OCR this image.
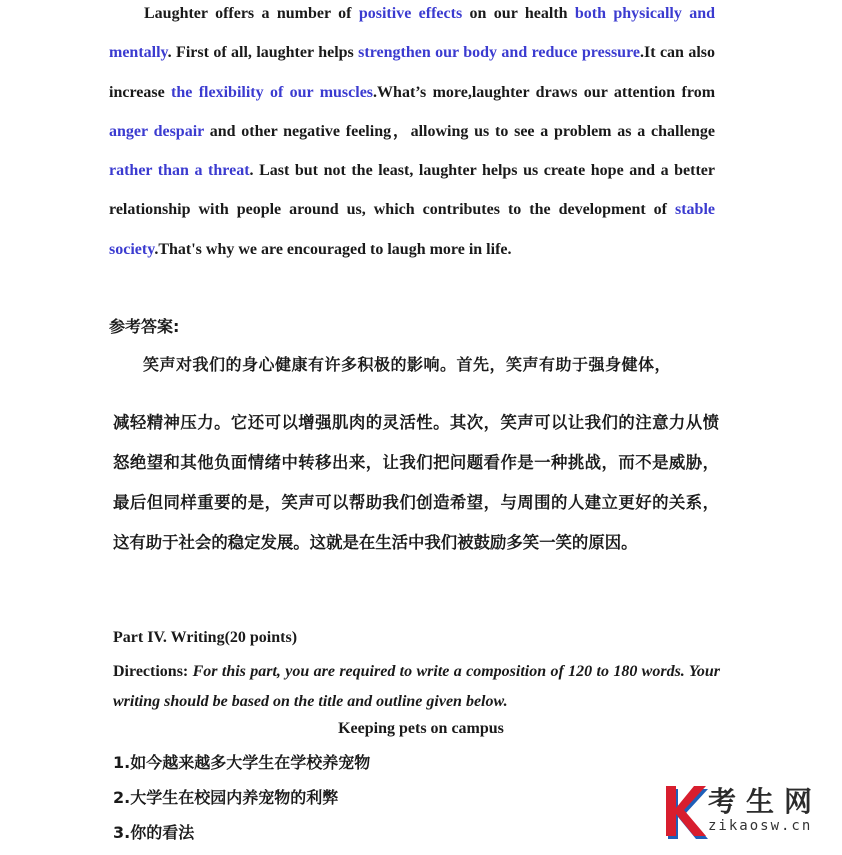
Laughter offers a number of positive effects on our health both physically and mentally. First of all, laughter helps strengthen our body and reduce pressure.It can also increase the flexibility of our muscles.What’s more,laughter draws our attention from anger despair and other negative feeling，allowing us to see a problem as a challenge rather than a threat. Last but not the least, laughter helps us create hope and a better relationship with people around us, which contributes to the development of stable society.That's why we are encouraged to laugh more in life.
参考答案:
笑声对我们的身心健康有许多积极的影响。首先，笑声有助于强身健体，
减轻精神压力。它还可以增强肌肉的灵活性。其次，笑声可以让我们的注意力从愤怒绝望和其他负面情绪中转移出来，让我们把问题看作是一种挑战，而不是威胁，最后但同样重要的是，笑声可以帮助我们创造希望，与周围的人建立更好的关系，这有助于社会的稳定发展。这就是在生活中我们被鼓励多笑一笑的原因。
Part IV. Writing(20 points)
Directions: For this part, you are required to write a composition of 120 to 180 words. Your writing should be based on the title and outline given below.
Keeping pets on campus
1.如今越来越多大学生在学校养宠物
2.大学生在校园内养宠物的利弊
3.你的看法
考生网
zikaosw.cn
